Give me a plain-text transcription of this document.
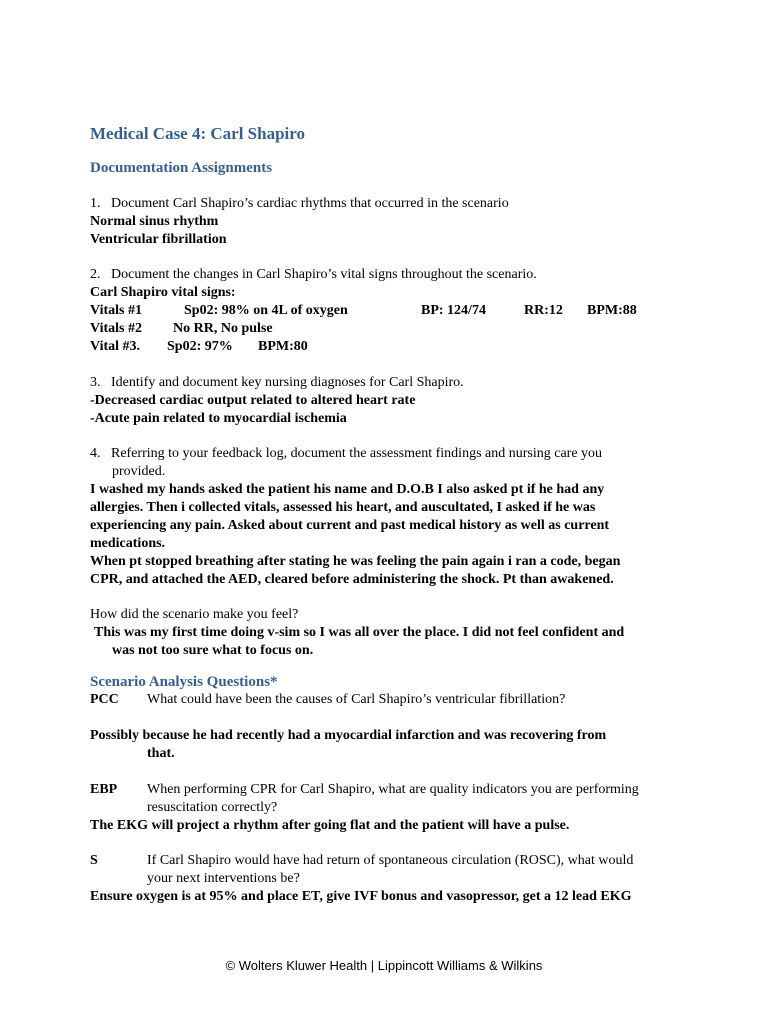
Medical Case 4: Carl Shapiro
Documentation Assignments
1. Document Carl Shapiro’s cardiac rhythms that occurred in the scenario
Normal sinus rhythm
Ventricular fibrillation
2. Document the changes in Carl Shapiro’s vital signs throughout the scenario.
Carl Shapiro vital signs:
Vitals #1	Sp02: 98% on 4L of oxygen	BP: 124/74	RR:12 BPM:88
Vitals #2 No RR, No pulse
Vital #3. Sp02: 97% BPM:80
3. Identify and document key nursing diagnoses for Carl Shapiro.
-Decreased cardiac output related to altered heart rate
-Acute pain related to myocardial ischemia
4. Referring to your feedback log, document the assessment findings and nursing care you
provided.
I washed my hands asked the patient his name and D.O.B I also asked pt if he had any
allergies. Then i collected vitals, assessed his heart, and auscultated, I asked if he was
experiencing any pain. Asked about current and past medical history as well as current
medications.
When pt stopped breathing after stating he was feeling the pain again i ran a code, began
CPR, and attached the AED, cleared before administering the shock. Pt than awakened.
How did the scenario make you feel?
This was my first time doing v-sim so I was all over the place. I did not feel confident and
was not too sure what to focus on.
Scenario Analysis Questions*
PCC What could have been the causes of Carl Shapiro’s ventricular fibrillation?
Possibly because he had recently had a myocardial infarction and was recovering from
that.
EBP When performing CPR for Carl Shapiro, what are quality indicators you are performing
resuscitation correctly?
The EKG will project a rhythm after going flat and the patient will have a pulse.
S	If Carl Shapiro would have had return of spontaneous circulation (ROSC), what would
your next interventions be?
Ensure oxygen is at 95% and place ET, give IVF bonus and vasopressor, get a 12 lead EKG
© Wolters Kluwer Health | Lippincott Williams & Wilkins
